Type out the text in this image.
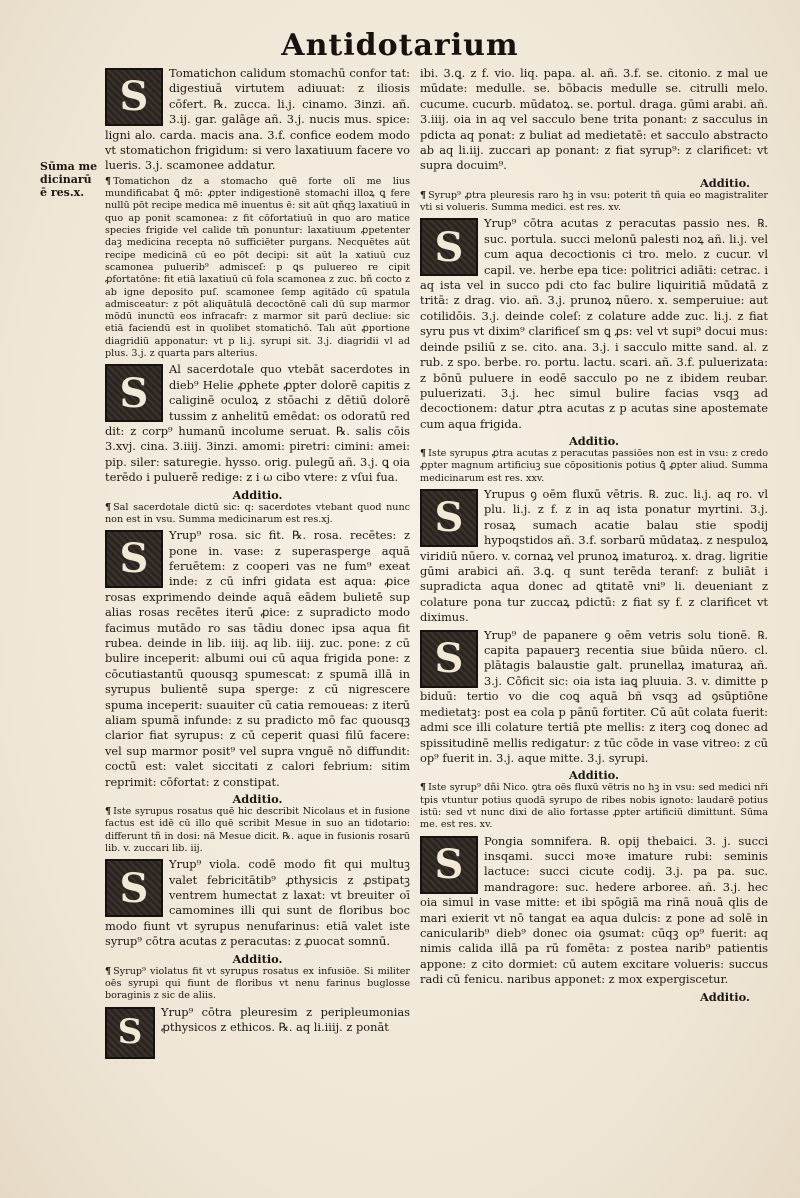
Antidotarium
Sūma me dicinarū ē res.x.
S
Tomatichon calidum stomachū confor tat: digestiuā virtutem adiuuat: z iliosis cōfert. ℞. zucca. li.j. cinamo. 3inzi. añ. 3.ij. gar. galāge añ. 3.j. nucis mus. spice: ligni alo. carda. macis ana. 3.f. confice eodem modo vt stomatichon frigidum: si vero laxatiuum facere vo lueris. 3.j. scamonee addatur.
¶ Tomatichon dz a stomacho quē forte olī me lius mundificabat ꝗ̄ mō: ꝓpter indigestionē stomachi illoꝝ ꝗ fere nullū pōt recipe medica mē inuentus ē: sit aūt qñqꝫ laxatiuū in quo ap ponit scamonea: z fit cōfortatiuū in quo aro matice species frigide vel calide tm̄ ponuntur: laxatiuum ꝓpetenter daꝫ medicina recepta nō sufficiēter purgans. Necquētes aūt recipe medicinā cū eo pōt decipi: sit aūt la xatiuū cuz scamonea puluerib⁹ admisceſ: p ꝗs puluereo re cipit ꝓfortatōne: fit etiā laxatiuū cū fola scamonea z zuc. bñ cocto z ab igne deposito puſ. scamonee ſemp agitādo cū spatula admisceatur: z pōt aliquātulā decoctōnē cali dū sup marmor mōdū inunctū eos infracafr: z marmor sit parū decliue: sic etiā faciendū est in quolibet stomatichō. Talı aūt ꝓportione diagridiū apponatur: vt p li.j. syrupi sit. 3.j. diagridii vl ad plus. 3.j. z quarta pars alterius.
S
Al sacerdotale quo vtebāt sacerdotes in dieb⁹ Helie ꝓphete ꝓpter dolorē capitis z caliginē oculoꝝ z stōachi z dētiū dolorē tussim z anhelitū emēdat: os odoratū red dit: z corp⁹ humanū incolume seruat. ℞. salis cōis 3.xvj. cina. 3.iiij. 3inzi. amomi: piretri: cimini: amei: pip. siler: saturegie. hysso. orig. pulegū añ. 3.j. ꝗ oia terēdo i puluerē redige: z i ω cibo vtere: z vſui fua.

Additio.

¶ Sal sacerdotale dictū sic: q: sacerdotes vtebant quod nunc non est in vsu. Summa medicinarum est res.xj.
S
Yrup⁹ rosa. sic fit. ℞. rosa. recētes: z pone in. vase: z superasperge aquā feruētem: z cooperi vas ne fum⁹ exeat inde: z cū infri gidata est aqua: ꝓice rosas exprimendo deinde aquā eādem bulietē sup alias rosas recētes iterū ꝓice: z supradicto modo facimus mutādo ro sas tādiu donec ipsa aqua fit rubea. deinde in lib. iiij. aq lib. iiij. zuc. pone: z cū bulire inceperit: albumi oui cū aqua frigida pone: z cōcutiastantū quousqꝫ spumescat: z spumā illā in syrupus bulientē supa sperge: z cū nigrescere spuma inceperit: suauiter cū catia remoueas: z iterū aliam spumā infunde: z su pradicto mō fac quousqꝫ clarior fiat syrupus: z cū ceperit quasi filū facere: vel sup marmor posit⁹ vel supra vnguē nō diffundit: coctū est: valet siccitati z calori febrium: sitim reprimit: cōfortat: z constipat.

Additio.

¶ Iste syrupus rosatus quē hic describit Nicolaus et in fusione factus est idē cū illo quē scribit Mesue in suo an tidotario: differunt tñ in dosi: nā Mesue dicit. ℞. aque in fusionis rosarū lib. v. zuccari lib. iij.
S
Yrup⁹ viola. codē modo fit qui multuꝫ valet febricitātib⁹ ꝓthysicis z ꝓstipatꝫ ventrem humectat z laxat: vt breuiter oī camomines illi qui sunt de floribus boc modo fiunt vt syrupus nenufarinus: etiā valet iste syrup⁹ cōtra acutas z peracutas: z ꝓuocat somnū.

Additio.

¶ Syrup⁹ violatus fit vt syrupus rosatus ex infusiōe. Si militer oēs syrupi qui fiunt de floribus vt nenu farinus buglosse boraginis z sic de aliis.
S
Yrup⁹ cōtra pleuresim z peripleumonias ꝓthysicos z ethicos. ℞. aq li.iiij. z ponāt
ibi. 3.ꝗ. z f. vio. liq. papa. al. añ. 3.f. se. citonio. z mal ue mūdate: medulle. se. bōbacis medulle se. citrulli melo. cucume. cucurb. mūdatoꝝ. se. portul. draga. gūmi arabi. añ. 3.iiij. oia in aq vel sacculo bene trita ponant: z sacculus in pdicta aq ponat: z buliat ad medietatē: et sacculo abstracto ab aq li.iij. zuccari ap ponant: z fiat syrup⁹: z clarificet: vt supra docuim⁹.

Additio.

¶ Syrup⁹ ꝓtra pleuresis raro hꝫ in vsu: poterit tñ quia eo magistraliter vti si volueris. Summa medici. est res. xv.
S
Yrup⁹ cōtra acutas z peracutas passio nes. ℞. suc. portula. succi melonū palesti noꝝ añ. li.j. vel cum aqua decoctionis ci tro. melo. z cucur. vl capil. ve. herbe epa tice: politrici adiāti: cetrac. i aq ista vel in succo pdi cto fac bulire liquiritiā mūdatā z tritā: z drag. vio. añ. 3.j. prunoꝝ nūero. x. semperuiue: aut cotilidōis. 3.j. deinde coleſ: z colature adde zuc. li.j. z fiat syru pus vt dixim⁹ clarificeſ sm ꝗ ꝓs: vel vt supi⁹ docui mus: deinde psiliū z se. cito. ana. 3.j. i sacculo mitte sand. al. z rub. z spo. berbe. ro. portu. lactu. scari. añ. 3.f. puluerizata: z bōnū puluere in eodē sacculo po ne z ibidem reubar. puluerizati. 3.j. hec simul bulire facias vsqꝫ ad decoctionem: datur ꝓtra acutas z p acutas sine apostemate cum aqua frigida.

Additio.

¶ Iste syrupus ꝓtra acutas z peracutas passiōes non est in vsu: z credo ꝓpter magnum artificiuꝫ sue cōpositionis potius ꝗ̄ ꝓpter aliud. Summa medicinarum est res. xxv.
S
Yrupus ꝯ oēm fluxū vētris. ℞. zuc. li.j. aq ro. vl plu. li.j. z f. z in aq ista ponatur myrtini. 3.j. rosaꝝ sumach acatie balau stie spodij hypoqstidos añ. 3.f. sorbarū mūdataꝝ. z nespuloꝝ viridiū nūero. v. cornaꝝ vel prunoꝝ imaturoꝝ. x. drag. ligritie gūmi arabici añ. 3.ꝗ. q sunt terēda teranf: z buliāt i supradicta aqua donec ad ꝗtitatē vni⁹ li. deueniant z colature pona tur zuccaꝝ pdictū: z fiat sy f. z clarificet vt diximus.
S
Yrup⁹ de papanere ꝯ oēm vetris solu tionē. ℞. capita papauerꝫ recentia siue būida nūero. cl. plātagis balaustie galt. prunellaꝝ imaturaꝝ añ. 3.j. Cōficit sic: oia ista iaꝗ pluuia. 3. v. dimitte p biduū: tertio vo die coꝗ aquā bñ vsqꝫ ad ꝯsūptiōne medietatꝫ: post ea cola p pānū fortiter. Cū aūt colata fuerit: admi sce illi colature tertiā pte mellis: z iterꝫ coꝗ donec ad spissitudinē mellis redigatur: z tūc cōde in vase vitreo: z cū op⁹ fuerit in. 3.j. aque mitte. 3.j. syrupi.

Additio.

¶ Iste syrup⁹ dñi Nico. ꝯtra oēs fluxū vētris no hꝫ in vsu: sed medici nr̄i tpis vtuntur potius quodā syrupo de ribes nobis ignoto: laudarē potius istū: sed vt nunc dixi de alio fortasse ꝓpter artificiū dimittunt. Sūma me. est res. xv.
S
Pongia somnifera. ℞. opij thebaici. 3. j. succi insqami. succi moꝛe imature rubi: seminis lactuce: succi cicute codij. 3.j. pa pa. suc. mandragore: suc. hedere arboree. añ. 3.j. hec oia simul in vase mitte: et ibi spōgiā ma rinā nouā qlis de mari exierit vt nō tangat ea aqua dulcis: z pone ad solē in canicularib⁹ dieb⁹ donec oia ꝯsumat: cūqꝫ op⁹ fuerit: aq nimis calida illā pa rū fomēta: z postea narib⁹ patientis appone: z cito dormiet: cū autem excitare volueris: succus radi cū fenicu. naribus apponet: z mox expergiscetur.

Additio.
